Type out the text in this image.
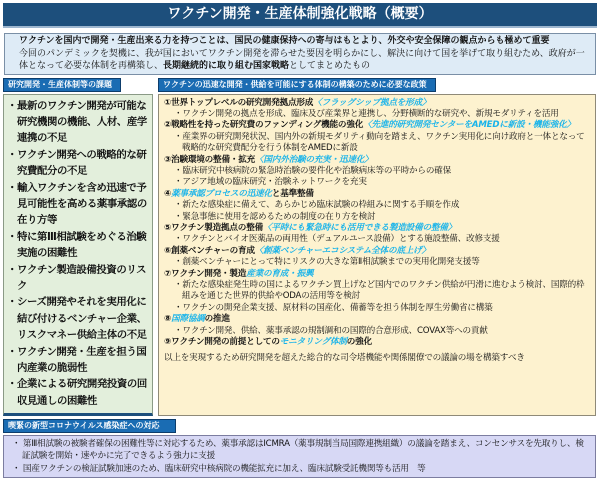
ワクチン開発・生産体制強化戦略（概要）
ワクチンを国内で開発・生産出来る力を持つことは、国民の健康保持への寄与はもとより、外交や安全保障の観点からも極めて重要
今回のパンデミックを契機に、我が国においてワクチン開発を滞らせた要因を明らかにし、解決に向けて国を挙げて取り組むため、政府が一体となって必要な体制を再構築し、長期継続的に取り組む国家戦略としてまとめたもの
研究開発・生産体制等の課題	ワクチンの迅速な開発・供給を可能にする体制の構築のために必要な政策
・最新のワクチン開発が可能な研究機関の機能、人材、産学連携の不足
・ワクチン開発への戦略的な研究費配分の不足
・輸入ワクチンを含め迅速で予見可能性を高める薬事承認の在り方等
・特に第Ⅲ相試験をめぐる治験実施の困難性
・ワクチン製造設備投資のリスク
・シーズ開発やそれを実用化に結び付けるベンチャー企業、リスクマネー供給主体の不足
・ワクチン開発・生産を担う国内産業の脆弱性
・企業による研究開発投資の回収見通しの困難性
①世界トップレベルの研究開発拠点形成〈フラッグシップ拠点を形成〉
・ワクチン開発の拠点を形成、臨床及び産業界と連携し、分野横断的な研究や、新規モダリティを活用
②戦略性を持った研究費のファンディング機能の強化〈先進的研究開発センターをAMEDに新設・機能強化〉
・産業界の研究開発状況、国内外の新規モダリティ動向を踏まえ、ワクチン実用化に向け政府と一体となって戦略的な研究費配分を行う体制をAMEDに新設
③治験環境の整備・拡充〈国内外治験の充実・迅速化〉
・臨床研究中核病院の緊急時治験の要件化や治験病床等の平時からの確保
・アジア地域の臨床研究・治験ネットワークを充実
④薬事承認プロセスの迅速化と基準整備
・新たな感染症に備えて、あらかじめ臨床試験の枠組みに関する手順を作成
・緊急事態に使用を認めるための制度の在り方を検討
⑤ワクチン製造拠点の整備〈平時にも緊急時にも活用できる製造設備の整備〉
・ワクチンとバイオ医薬品の両用性（デュアルユース設備）とする施設整備、改修支援
⑥創薬ベンチャーの育成〈創薬ベンチャーエコシステム全体の底上げ〉
・創薬ベンチャーにとって特にリスクの大きな第Ⅱ相試験までの実用化開発支援等
⑦ワクチン開発・製造産業の育成・振興
・新たな感染症発生時の国によるワクチン買上げなど国内でのワクチン供給が円滑に進むよう検討、国際的枠組みを通じた世界的供給やODAの活用等を検討
・ワクチンの開発企業支援、原材料の国産化、備蓄等を担う体制を厚生労働省に構築
⑧国際協調の推進
・ワクチン開発、供給、薬事承認の規制調和の国際的合意形成、COVAX等への貢献
⑨ワクチン開発の前提としてのモニタリング体制の強化
以上を実現するため研究開発を超えた総合的な司令塔機能や関係閣僚での議論の場を構築すべき
喫緊の新型コロナウイルス感染症への対応
・ 第Ⅲ相試験の被験者確保の困難性等に対応するため、薬事承認はICMRA（薬事規制当局国際連携組織）の議論を踏まえ、コンセンサスを先取りし、検証試験を開始・速やかに完了できるよう強力に支援
・ 国産ワクチンの検証試験加速のため、臨床研究中核病院の機能拡充に加え、臨床試験受託機関等も活用　等
